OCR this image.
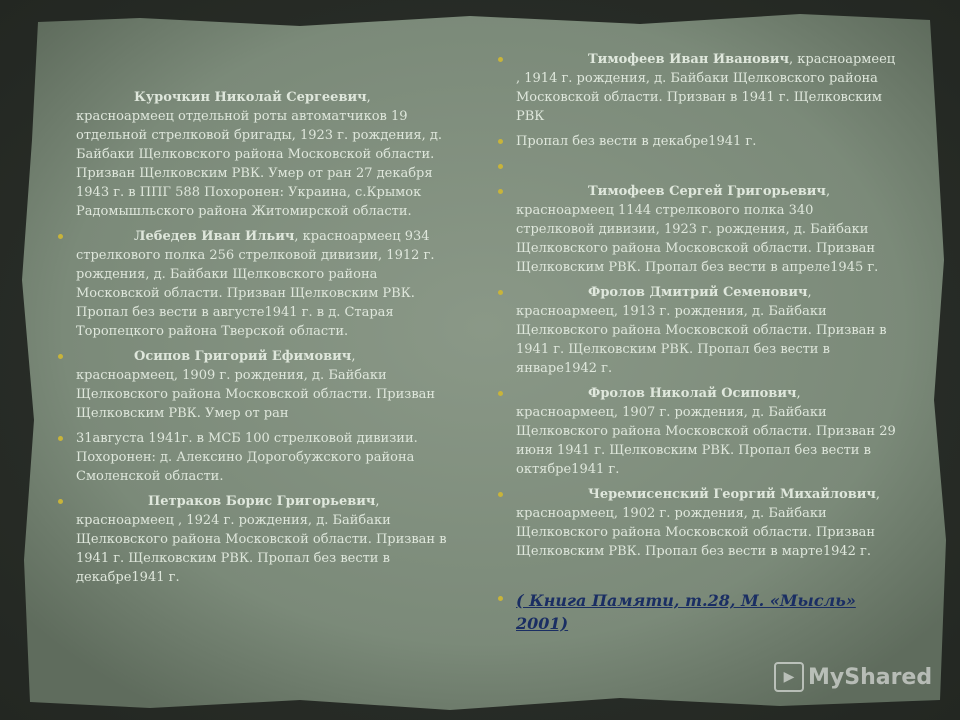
Курочкин Николай Сергеевич, красноармеец отдельной роты автоматчиков 19 отдельной стрелковой бригады, 1923 г. рождения, д. Байбаки Щелковского района Московской области. Призван Щелковским РВК. Умер от ран 27 декабря 1943 г. в ППГ 588 Похоронен: Украина, с.Крымок Радомышльского района Житомирской области.
Лебедев Иван Ильич, красноармеец 934 стрелкового полка 256 стрелковой дивизии, 1912 г. рождения, д. Байбаки Щелковского района Московской области. Призван Щелковским РВК. Пропал без вести в августе1941 г. в д. Старая Торопецкого района Тверской области.
Осипов Григорий Ефимович, красноармеец, 1909 г. рождения, д. Байбаки Щелковского района Московской области. Призван Щелковским РВК. Умер от ран
31августа 1941г. в МСБ 100 стрелковой дивизии. Похоронен: д. Алексино Дорогобужского района Смоленской области.
Петраков Борис Григорьевич, красноармеец , 1924 г. рождения, д. Байбаки Щелковского района Московской области. Призван в 1941 г. Щелковским РВК. Пропал без вести в декабре1941 г.
Тимофеев Иван Иванович, красноармеец , 1914 г. рождения, д. Байбаки Щелковского района Московской области. Призван в 1941 г. Щелковским РВК
Пропал без вести в декабре1941 г.
Тимофеев Сергей Григорьевич, красноармеец 1144 стрелкового полка 340 стрелковой дивизии, 1923 г. рождения, д. Байбаки Щелковского района Московской области. Призван Щелковским РВК. Пропал без вести в апреле1945 г.
Фролов Дмитрий Семенович, красноармеец, 1913 г. рождения, д. Байбаки Щелковского района Московской области. Призван в 1941 г. Щелковским РВК. Пропал без вести в январе1942 г.
Фролов Николай Осипович, красноармеец, 1907 г. рождения, д. Байбаки Щелковского района Московской области. Призван 29 июня 1941 г. Щелковским РВК. Пропал без вести в октябре1941 г.
Черемисенский Георгий Михайлович, красноармеец, 1902 г. рождения, д. Байбаки Щелковского района Московской области. Призван Щелковским РВК. Пропал без вести в марте1942 г.
( Книга Памяти, т.28, М. «Мысль» 2001)
▶ MyShared
